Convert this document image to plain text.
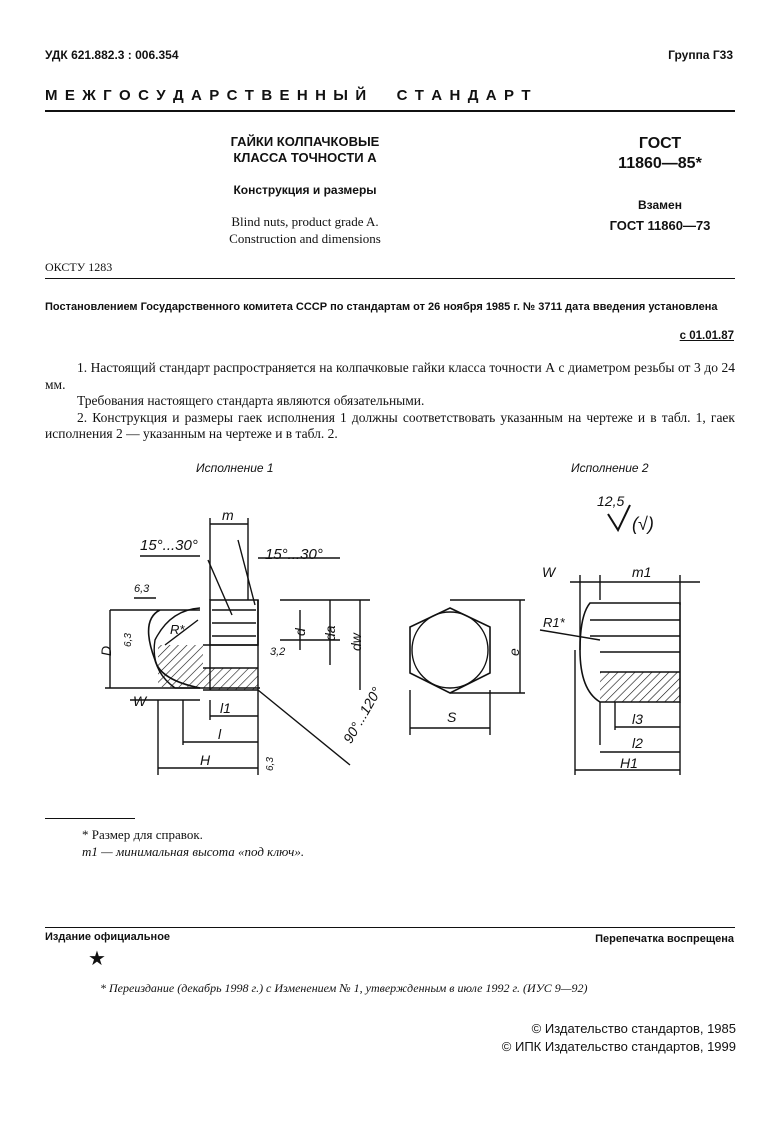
УДК 621.882.3 : 006.354	Группа Г33
М Е Ж Г О С У Д А Р С Т В Е Н Н Ы Й     С Т А Н Д А Р Т
ГАЙКИ КОЛПАЧКОВЫЕ
КЛАССА ТОЧНОСТИ А
Конструкция и размеры
Blind nuts, product grade A.
Construction and dimensions
ГОСТ
11860—85*
Взамен
ГОСТ 11860—73
ОКСТУ 1283
Постановлением Государственного комитета СССР по стандартам от 26 ноября 1985 г. № 3711 дата введения установлена
с 01.01.87

1. Настоящий стандарт распространяется на колпачковые гайки класса точности А с диаметром резьбы от 3 до 24 мм.

Требования настоящего стандарта являются обязательными.

2. Конструкция и размеры гаек исполнения 1 должны соответствовать указанным на чертеже и в табл. 1, гаек исполнения 2 — указанным на чертеже и в табл. 2.

Исполнение 1
15°...30°
15°...30°
m
6,3
6,3
R*
3,2
D
d da dw
W	l1
l
H	6,3
90°...120°
e
S
Исполнение 2
12,5
(√)
W	m1
R1*
l3
l2
H1
* Размер для справок.
m1 — минимальная высота «под ключ».
Издание официальное	Перепечатка воспрещена
★
* Переиздание (декабрь 1998 г.) с Изменением № 1, утвержденным в июле 1992 г. (ИУС 9—92)
© Издательство стандартов, 1985
© ИПК Издательство стандартов, 1999
